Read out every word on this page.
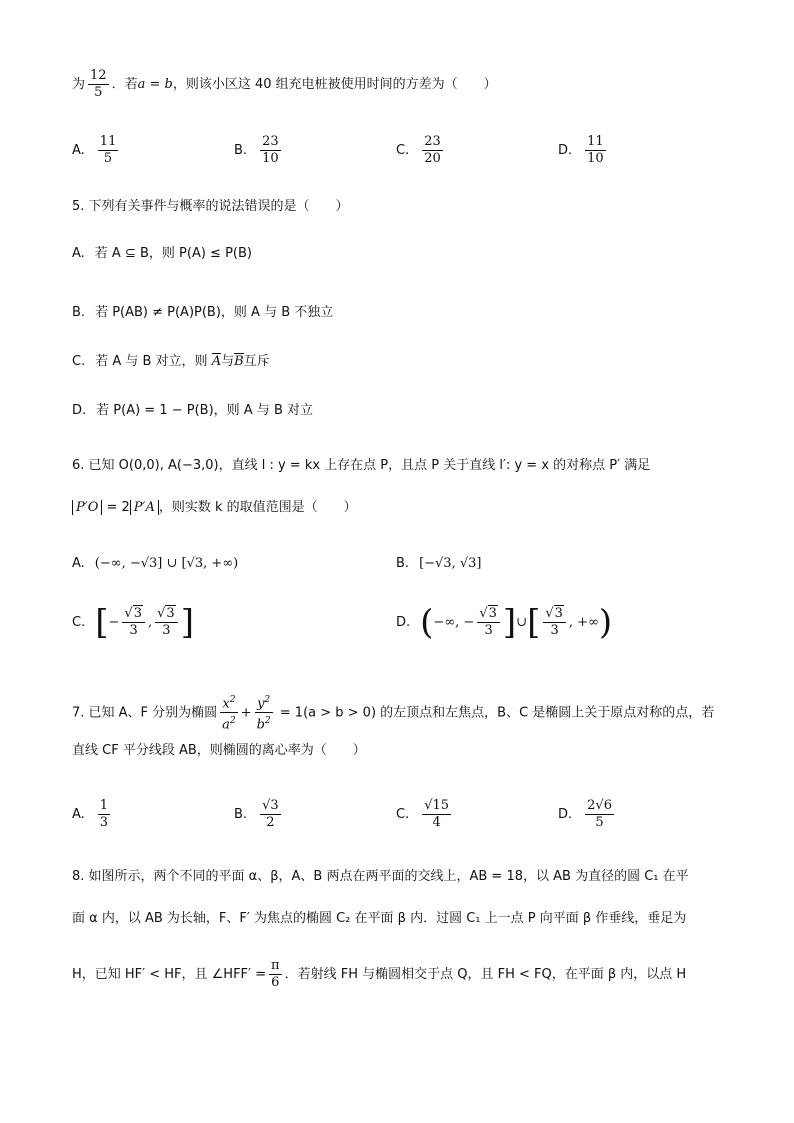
为 $\frac{12}{5}$ ．若a = b，则该小区这 40 组充电桩被使用时间的方差为（　　）
A. $\frac{11}{5}$	B. $\frac{23}{10}$	C. $\frac{23}{20}$	D. $\frac{11}{10}$
5. 下列有关事件与概率的说法错误的是（　　）
A. 若 A ⊆ B，则 P(A) ≤ P(B)
B. 若 P(AB) ≠ P(A)P(B)，则 A 与 B 不独立
C. 若 A 与 B 对立，则 A与B互斥
D. 若 P(A) = 1 − P(B)，则 A 与 B 对立
6. 已知 O(0,0), A(−3,0)，直线 l : y = kx 上存在点 P，且点 P 关于直线 l′: y = x 的对称点 P′ 满足
P′O = 2 P′A ，则实数 k 的取值范围是（　　）
A. (−∞, −√3] ∪ [√3, +∞)	B. [−√3, √3]
C. [− $\frac{√3}{3}$ , $\frac{√3}{3}$ ]	D. (−∞, − $\frac{√3}{3}$ ]∪[ $\frac{√3}{3}$ , +∞)
7. 已知 A、F 分别为椭圆 $\frac{x^2}{a^2} + \frac{y^2}{b^2} = 1(a > b > 0)$ 的左顶点和左焦点，B、C 是椭圆上关于原点对称的点，若
直线 CF 平分线段 AB，则椭圆的离心率为（　　）
A. $\frac{1}{3}$	B. $\frac{√3}{2}$	C. $\frac{√15}{4}$	D. $\frac{2√6}{5}$
8. 如图所示，两个不同的平面 α、β，A、B 两点在两平面的交线上，AB = 18，以 AB 为直径的圆 C₁ 在平
面 α 内，以 AB 为长轴，F、F′ 为焦点的椭圆 C₂ 在平面 β 内．过圆 C₁ 上一点 P 向平面 β 作垂线，垂足为
H，已知 HF′ < HF，且 ∠HFF′ = $\frac{\pi}{6}$ ．若射线 FH 与椭圆相交于点 Q，且 FH < FQ，在平面 β 内，以点 H
